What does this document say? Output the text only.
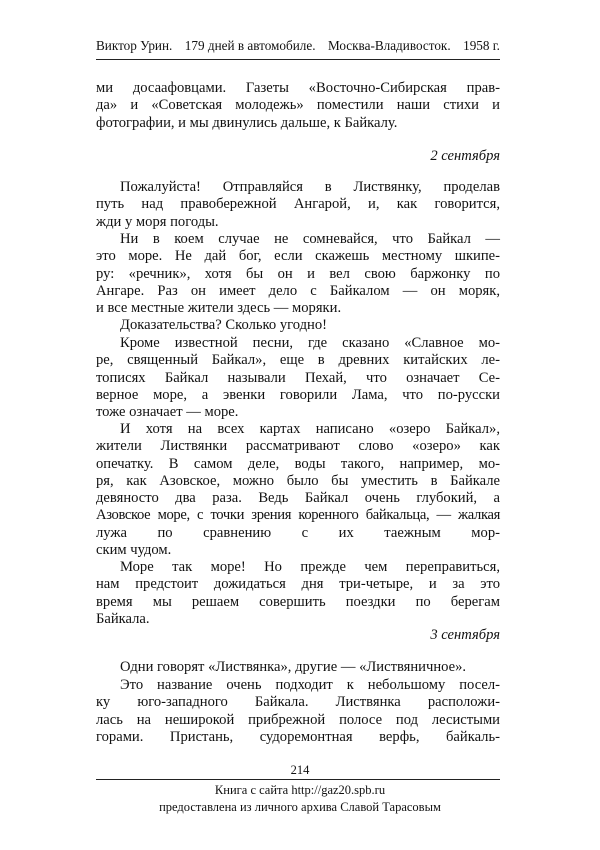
Виктор Урин. 179 дней в автомобиле. Москва-Владивосток. 1958 г.
ми досаафовцами. Газеты «Восточно-Сибирская прав-
да» и «Советская молодежь» поместили наши стихи и
фотографии, и мы двинулись дальше, к Байкалу.
2 сентября
Пожалуйста! Отправляйся в Листвянку, проделав
путь над правобережной Ангарой, и, как говорится,
жди у моря погоды.
Ни в коем случае не сомневайся, что Байкал —
это море. Не дай бог, если скажешь местному шкипе-
ру: «речник», хотя бы он и вел свою баржонку по
Ангаре. Раз он имеет дело с Байкалом — он моряк,
и все местные жители здесь — моряки.
Доказательства? Сколько угодно!
Кроме известной песни, где сказано «Славное мо-
ре, священный Байкал», еще в древних китайских ле-
тописях Байкал называли Пехай, что означает Се-
верное море, а эвенки говорили Лама, что по-русски
тоже означает — море.
И хотя на всех картах написано «озеро Байкал»,
жители Листвянки рассматривают слово «озеро» как
опечатку. В самом деле, воды такого, например, мо-
ря, как Азовское, можно было бы уместить в Байкале
девяносто два раза. Ведь Байкал очень глубокий, а
Азовское море, с точки зрения коренного байкальца, — жалкая
лужа по сравнению с их таежным мор-
ским чудом.
Море так море! Но прежде чем переправиться,
нам предстоит дожидаться дня три-четыре, и за это
время мы решаем совершить поездки по берегам
Байкала.
3 сентября
Одни говорят «Листвянка», другие — «Листвяничное».
Это название очень подходит к небольшому посел-
ку юго-западного Байкала. Листвянка расположи-
лась на неширокой прибрежной полосе под лесистыми
горами. Пристань, судоремонтная верфь, байкаль-
214
Книга с сайта http://gaz20.spb.ru
предоставлена из личного архива Славой Тарасовым
